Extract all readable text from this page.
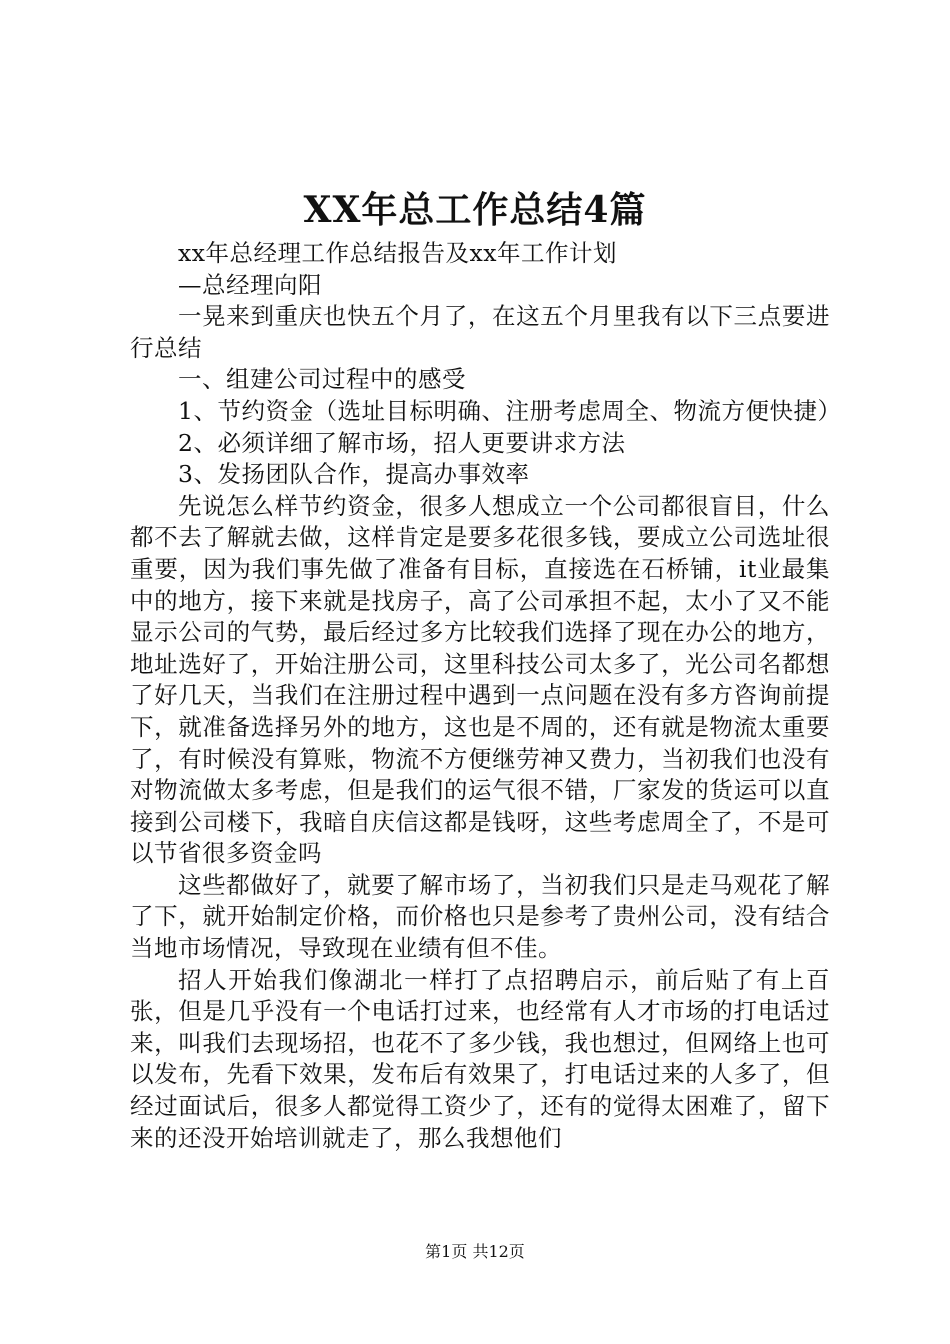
XX年总工作总结4篇

xx年总经理工作总结报告及xx年工作计划

—总经理向阳

一晃来到重庆也快五个月了，在这五个月里我有以下三点要进行总结

一、组建公司过程中的感受

1、节约资金（选址目标明确、注册考虑周全、物流方便快捷）

2、必须详细了解市场，招人更要讲求方法

3、发扬团队合作，提高办事效率

先说怎么样节约资金，很多人想成立一个公司都很盲目，什么都不去了解就去做，这样肯定是要多花很多钱，要成立公司选址很重要，因为我们事先做了准备有目标，直接选在石桥铺，it业最集中的地方，接下来就是找房子，高了公司承担不起，太小了又不能显示公司的气势，最后经过多方比较我们选择了现在办公的地方，地址选好了，开始注册公司，这里科技公司太多了，光公司名都想了好几天，当我们在注册过程中遇到一点问题在没有多方咨询前提下，就准备选择另外的地方，这也是不周的，还有就是物流太重要了，有时候没有算账，物流不方便继劳神又费力，当初我们也没有对物流做太多考虑，但是我们的运气很不错，厂家发的货运可以直接到公司楼下，我暗自庆信这都是钱呀，这些考虑周全了，不是可以节省很多资金吗

这些都做好了，就要了解市场了，当初我们只是走马观花了解了下，就开始制定价格，而价格也只是参考了贵州公司，没有结合当地市场情况，导致现在业绩有但不佳。

招人开始我们像湖北一样打了点招聘启示，前后贴了有上百张，但是几乎没有一个电话打过来，也经常有人才市场的打电话过来，叫我们去现场招，也花不了多少钱，我也想过，但网络上也可以发布，先看下效果，发布后有效果了，打电话过来的人多了，但经过面试后，很多人都觉得工资少了，还有的觉得太困难了，留下来的还没开始培训就走了，那么我想他们

第1页 共12页
